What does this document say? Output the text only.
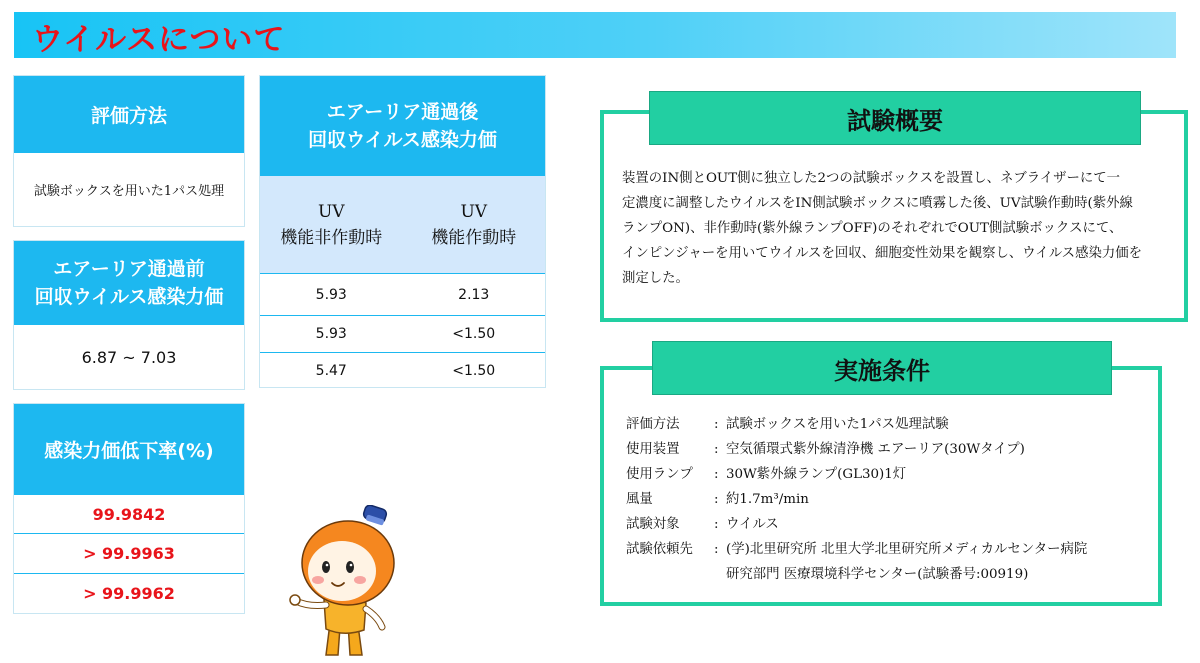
ウイルスについて
評価方法
試験ボックスを用いた1パス処理
エアーリア通過前
回収ウイルス感染力価
6.87 ~ 7.03
感染力価低下率(%)
99.9842
> 99.9963
> 99.9962
エアーリア通過後
回収ウイルス感染力価
UV
機能非作動時
UV
機能作動時
5.93	2.13
5.93	<1.50
5.47	<1.50
試験概要
装置のIN側とOUT側に独立した2つの試験ボックスを設置し、ネブライザーにて一
定濃度に調整したウイルスをIN側試験ボックスに噴霧した後、UV試験作動時(紫外線
ランプON)、非作動時(紫外線ランプOFF)のそれぞれでOUT側試験ボックスにて、
インピンジャーを用いてウイルスを回収、細胞変性効果を観察し、ウイルス感染力価を
測定した。
実施条件
評価方法	: 試験ボックスを用いた1パス処理試験
使用装置	: 空気循環式紫外線清浄機 エアーリア(30Wタイプ)
使用ランプ	: 30W紫外線ランプ(GL30)1灯
風量	: 約1.7m³/min
試験対象	: ウイルス
試験依頼先	: (学)北里研究所 北里大学北里研究所メディカルセンター病院
研究部門 医療環境科学センター(試験番号:00919)
